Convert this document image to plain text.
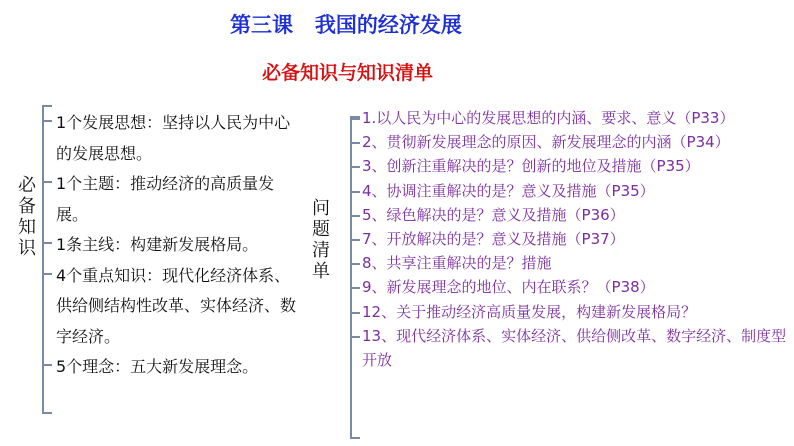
第三课   我国的经济发展
必备知识与知识清单
必备知识
1个发展思想：坚持以人民为中心的发展思想。
1个主题：推动经济的高质量发展。
1条主线：构建新发展格局。
4个重点知识：现代化经济体系、供给侧结构性改革、实体经济、数字经济。
5个理念：五大新发展理念。
问题清单
1.以人民为中心的发展思想的内涵、要求、意义（P33）
2、贯彻新发展理念的原因、新发展理念的内涵（P34）
3、创新注重解决的是？创新的地位及措施（P35）
4、协调注重解决的是？意义及措施（P35）
5、绿色解决的是？意义及措施（P36）
7、开放解决的是？意义及措施（P37）
8、共享注重解决的是？措施
9、新发展理念的地位、内在联系？（P38）
12、关于推动经济高质量发展，构建新发展格局？
13、现代经济体系、实体经济、供给侧改革、数字经济、制度型开放
